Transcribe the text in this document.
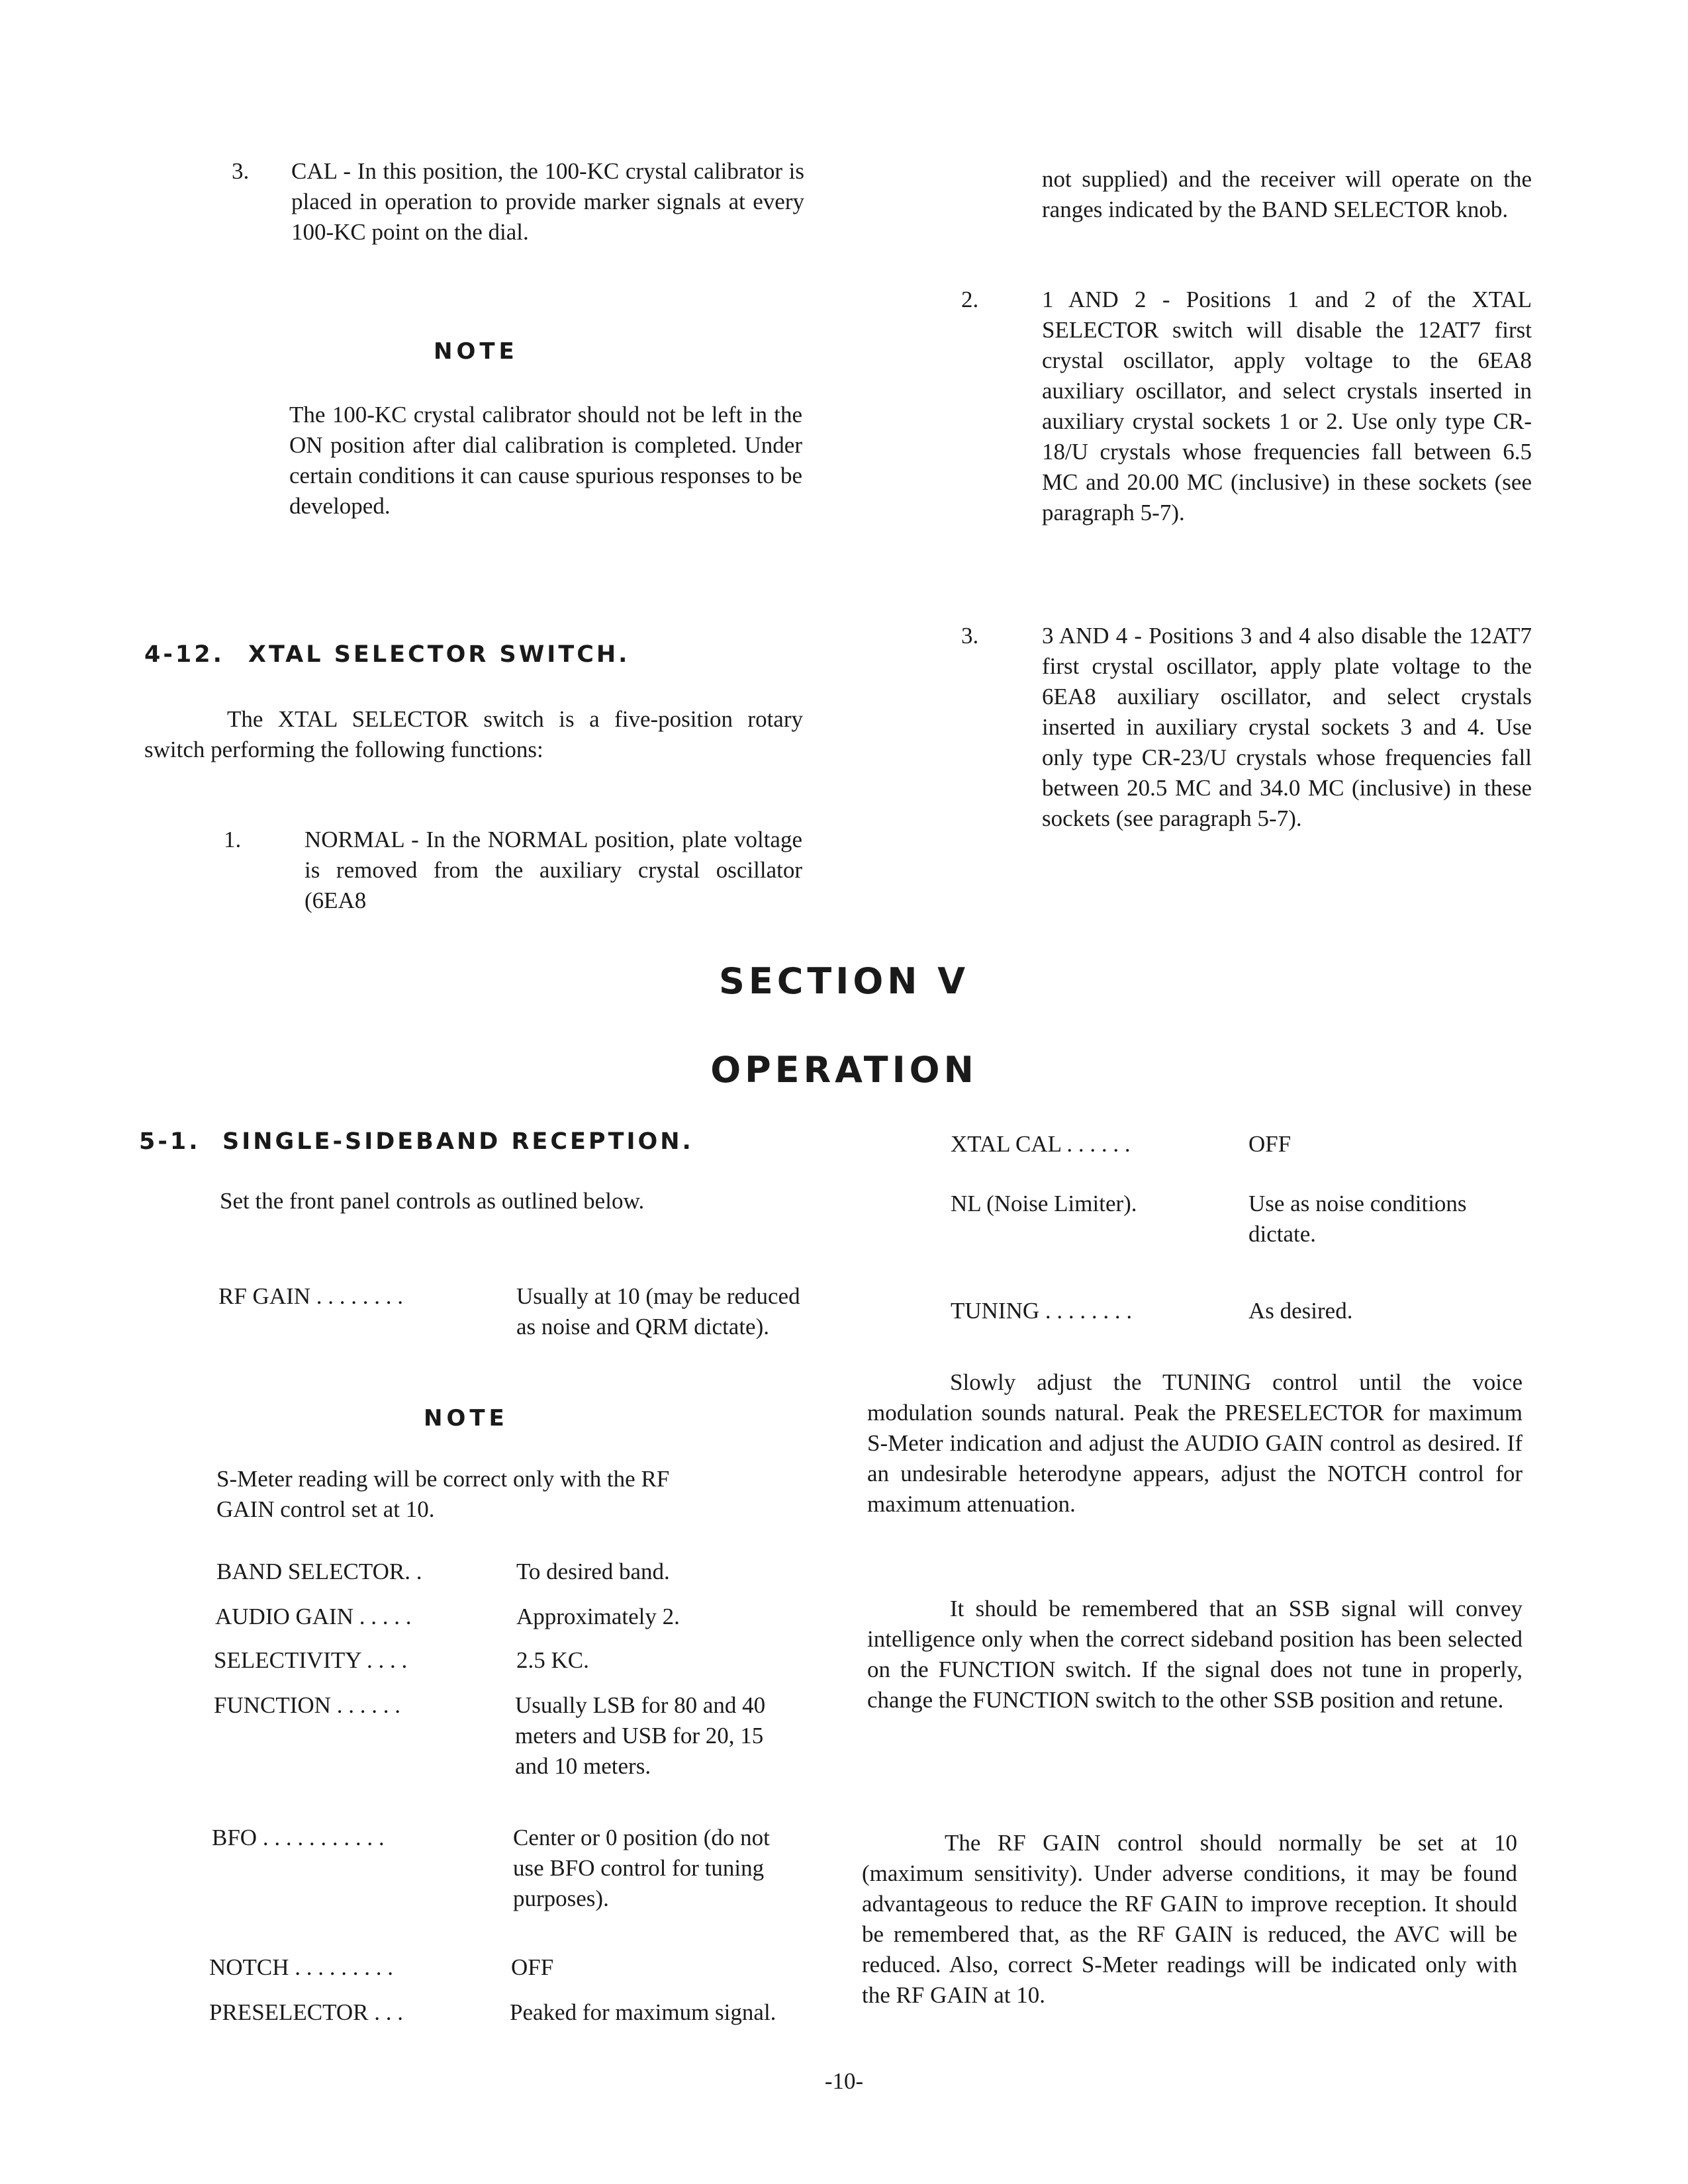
3. CAL - In this position, the 100-KC crystal calibrator is placed in operation to provide marker signals at every 100-KC point on the dial.
NOTE
The 100-KC crystal calibrator should not be left in the ON position after dial calibration is completed. Under certain conditions it can cause spurious responses to be developed.
4-12. XTAL SELECTOR SWITCH.
The XTAL SELECTOR switch is a five-position rotary switch performing the following functions:
1.	NORMAL - In the NORMAL position, plate voltage is removed from the auxiliary crystal oscillator (6EA8
not supplied) and the receiver will operate on the ranges indicated by the BAND SELECTOR knob.
2.	1 AND 2 - Positions 1 and 2 of the XTAL SELECTOR switch will disable the 12AT7 first crystal oscillator, apply voltage to the 6EA8 auxiliary oscillator, and select crystals inserted in auxiliary crystal sockets 1 or 2. Use only type CR-18/U crystals whose frequencies fall between 6.5 MC and 20.00 MC (inclusive) in these sockets (see paragraph 5-7).
3.	3 AND 4 - Positions 3 and 4 also disable the 12AT7 first crystal oscillator, apply plate voltage to the 6EA8 auxiliary oscillator, and select crystals inserted in auxiliary crystal sockets 3 and 4. Use only type CR-23/U crystals whose frequencies fall between 20.5 MC and 34.0 MC (inclusive) in these sockets (see paragraph 5-7).
SECTION V
OPERATION
5-1. SINGLE-SIDEBAND RECEPTION.
Set the front panel controls as outlined below.
RF GAIN . . . . . . . .	Usually at 10 (may be reduced as noise and QRM dictate).
NOTE
S-Meter reading will be correct only with the RF GAIN control set at 10.
BAND SELECTOR. .	To desired band.
AUDIO GAIN . . . . .	Approximately 2.
SELECTIVITY . . . .	2.5 KC.
FUNCTION . . . . . .	Usually LSB for 80 and 40 meters and USB for 20, 15 and 10 meters.
BFO . . . . . . . . . . .	Center or 0 position (do not use BFO control for tuning purposes).
NOTCH . . . . . . . . .	OFF
PRESELECTOR . . .	Peaked for maximum signal.
XTAL CAL . . . . . .	OFF
NL (Noise Limiter).	Use as noise conditions dictate.
TUNING . . . . . . . .	As desired.
Slowly adjust the TUNING control until the voice modulation sounds natural. Peak the PRESELECTOR for maximum S-Meter indication and adjust the AUDIO GAIN control as desired. If an undesirable heterodyne appears, adjust the NOTCH control for maximum attenuation.
It should be remembered that an SSB signal will convey intelligence only when the correct sideband position has been selected on the FUNCTION switch. If the signal does not tune in properly, change the FUNCTION switch to the other SSB position and retune.
The RF GAIN control should normally be set at 10 (maximum sensitivity). Under adverse conditions, it may be found advantageous to reduce the RF GAIN to improve reception. It should be remembered that, as the RF GAIN is reduced, the AVC will be reduced. Also, correct S-Meter readings will be indicated only with the RF GAIN at 10.
-10-
